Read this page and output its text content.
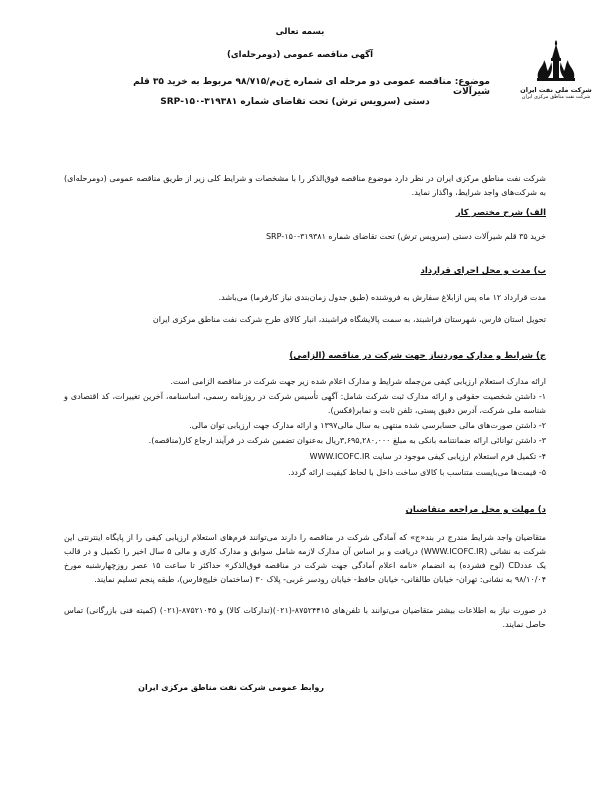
شرکت ملی نفت ایران
شرکت نفت مناطق مرکزی ایران
بسمه تعالی
آگهی مناقصه عمومی (دومرحله‌ای)
موضوع: مناقصه عمومی دو مرحله ای شماره خ‌ن‌م/۹۸/۷۱۵ مربوط به خرید ۳۵ قلم شیرآلات
دستی (سرویس ترش) تحت تقاضای شماره ۳۱۹۳۸۱-۱۵۰-SRP
شرکت نفت مناطق مرکزی ایران در نظر دارد موضوع مناقصه فوق‌الذکر را با مشخصات و شرایط کلی زیر از طریق مناقصه عمومی (دومرحله‌ای) به شرکت‌های واجد شرایط، واگذار نماید.
الف) شرح مختصر کار
خرید ۳۵ قلم شیرآلات دستی (سرویس ترش) تحت تقاضای شماره ۳۱۹۳۸۱-۱۵۰-SRP
ب) مدت و محل اجرای قرارداد
مدت قرارداد ۱۲ ماه پس ازابلاغ سفارش به فروشنده (طبق جدول زمان‌بندی نیاز کارفرما) می‌باشد.
تحویل استان فارس، شهرستان فراشبند، به سمت پالایشگاه فراشبند، انبار کالای طرح شرکت نفت مناطق مرکزی ایران
ج) شرایط و مدارک موردنیاز جهت شرکت در مناقصه (الزامی)
ارائه مدارک استعلام ارزیابی کیفی من‌جمله شرایط و مدارک اعلام شده زیر جهت شرکت در مناقصه الزامی است.
۱- داشتن شخصیت حقوقی و ارائه مدارک ثبت شرکت شامل: آگهی تأسیس شرکت در روزنامه رسمی، اساسنامه، آخرین تغییرات، کد اقتصادی و شناسه ملی شرکت، آدرس دقیق پستی، تلفن ثابت و نمابر(فکس).
۲- داشتن صورت‌های مالی حسابرسی شده منتهی به سال مالی۱۳۹۷ و ارائه مدارک جهت ارزیابی توان مالی.
۳- داشتن توانائی ارائه ضمانتنامه بانکی به مبلغ ۳,۶۹۵,۲۸۰,۰۰۰ریال به‌عنوان تضمین شرکت در فرآیند ارجاع کار(مناقصه).
۴- تکمیل فرم استعلام ارزیابی کیفی موجود در سایت WWW.ICOFC.IR
۵- قیمت‌ها می‌بایست متناسب با کالای ساخت داخل با لحاظ کیفیت ارائه گردد.
د) مهلت و محل مراجعه متقاضیان
متقاضیان واجد شرایط مندرج در بند«ج» که آمادگی شرکت در مناقصه را دارند می‌توانند فرم‌های استعلام ارزیابی کیفی را از پایگاه اینترنتی این شرکت به نشانی (WWW.ICOFC.IR) دریافت و بر اساس آن مدارک لازمه شامل سوابق و مدارک کاری و مالی ۵ سال اخیر را تکمیل و در قالب یک عددCD (لوح فشرده) به انضمام «نامه اعلام آمادگی جهت شرکت در مناقصه فوق‌الذکر» حداکثر تا ساعت ۱۵ عصر روزچهارشنبه مورخ ۹۸/۱۰/۰۴ به نشانی: تهران- خیابان طالقانی- خیابان حافظ- خیابان رودسر غربی- پلاک ۳۰ (ساختمان خلیج‌فارس)، طبقه پنجم تسلیم نمایند.
در صورت نیاز به اطلاعات بیشتر متقاضیان می‌توانند با تلفن‌های ۸۷۵۲۴۴۱۵-(۰۲۱)(تدارکات کالا) و ۸۷۵۲۱۰۴۵-(۰۲۱) (کمیته فنی بازرگانی) تماس حاصل نمایند.
روابط عمومی شرکت نفت مناطق مرکزی ایران
